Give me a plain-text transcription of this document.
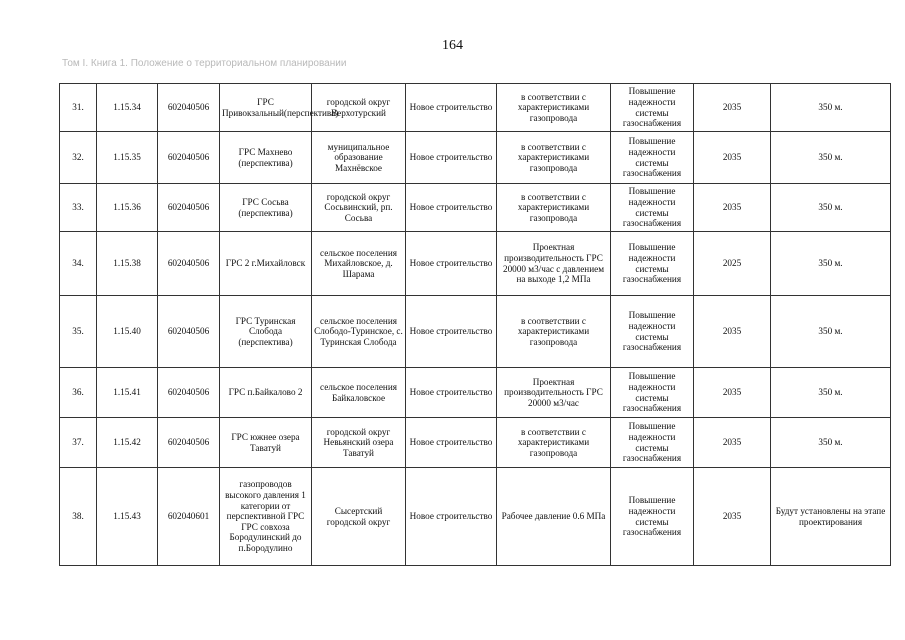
164
Том I. Книга 1. Положение о территориальном планировании
31.	1.15.34	602040506	ГРС Привокзальный(перспектива)	городской округ Верхотурский	Новое строительство	в соответствии с характеристиками газопровода	Повышение надежности системы газоснабжения	2035	350 м.
32.	1.15.35	602040506	ГРС Махнево (перспектива)	муниципальное образование Махнёвское	Новое строительство	в соответствии с характеристиками газопровода	Повышение надежности системы газоснабжения	2035	350 м.
33.	1.15.36	602040506	ГРС Сосьва (перспектива)	городской округ Сосьвинский, рп. Сосьва	Новое строительство	в соответствии с характеристиками газопровода	Повышение надежности системы газоснабжения	2035	350 м.
34.	1.15.38	602040506	ГРС 2 г.Михайловск	сельское поселения Михайловское, д. Шарама	Новое строительство	Проектная производительность ГРС 20000 м3/час с давлением на выходе 1,2 МПа	Повышение надежности системы газоснабжения	2025	350 м.
35.	1.15.40	602040506	ГРС Туринская Слобода (перспектива)	сельское поселения Слободо-Туринское, с. Туринская Слобода	Новое строительство	в соответствии с характеристиками газопровода	Повышение надежности системы газоснабжения	2035	350 м.
36.	1.15.41	602040506	ГРС п.Байкалово 2	сельское поселения Байкаловское	Новое строительство	Проектная производительность ГРС 20000 м3/час	Повышение надежности системы газоснабжения	2035	350 м.
37.	1.15.42	602040506	ГРС южнее озера Таватуй	городской округ Невьянский озера Таватуй	Новое строительство	в соответствии с характеристиками газопровода	Повышение надежности системы газоснабжения	2035	350 м.
38.	1.15.43	602040601	газопроводов высокого давления 1 категории от перспективной ГРС ГРС совхоза Бородулинский до п.Бородулино	Сысертский городской округ	Новое строительство	Рабочее давление 0.6 МПа	Повышение надежности системы газоснабжения	2035	Будут установлены на этапе проектирования
